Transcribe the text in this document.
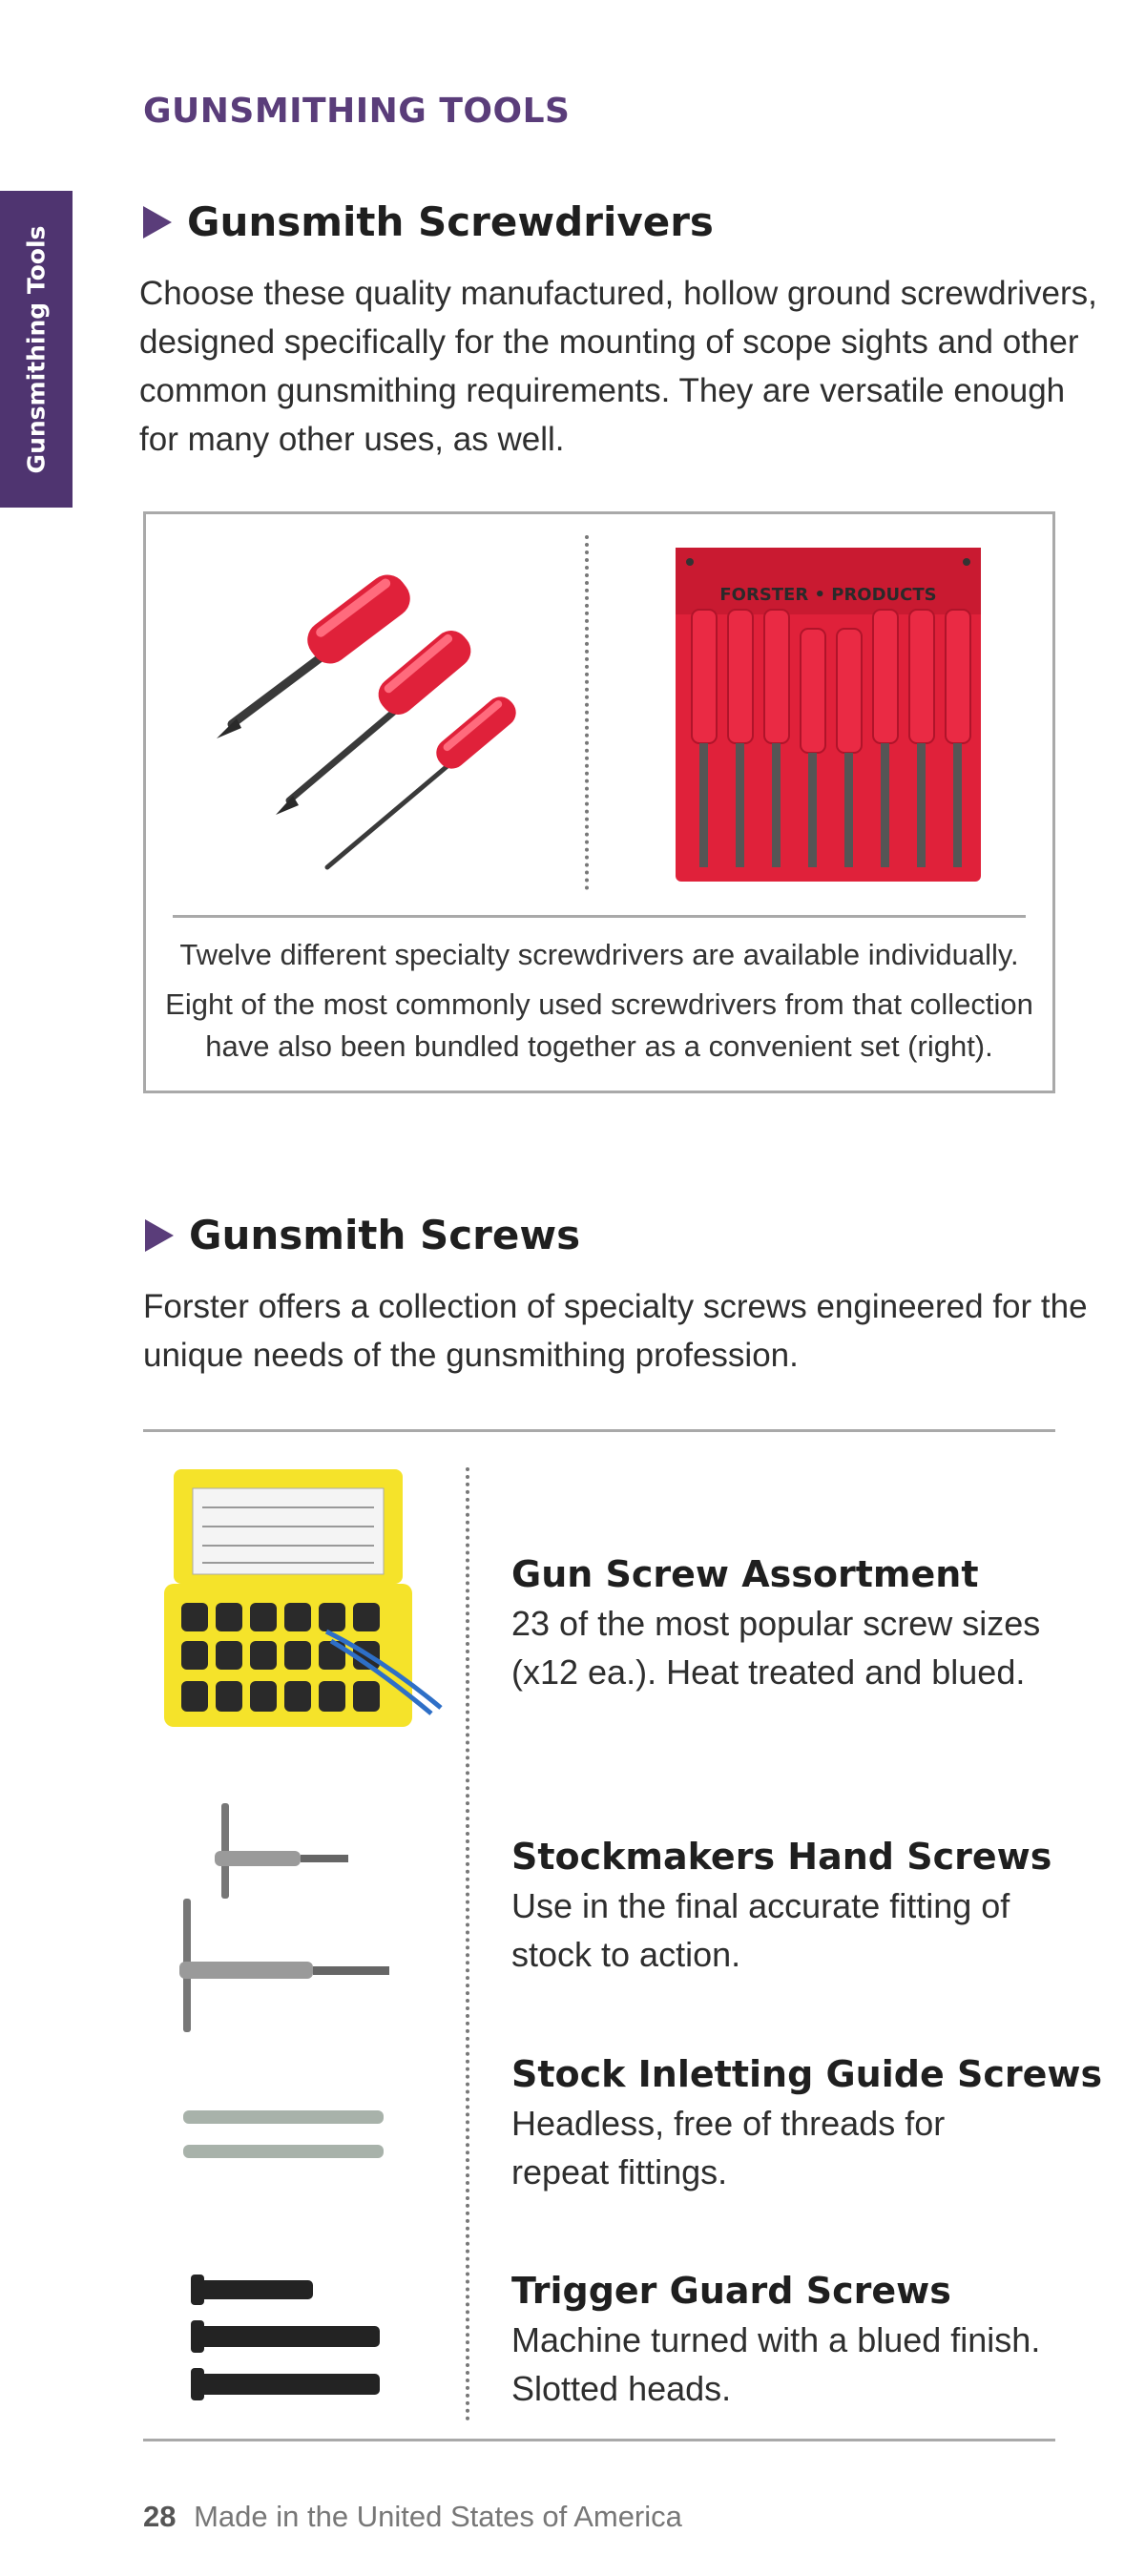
GUNSMITHING TOOLS
Gunsmithing Tools
Gunsmith Screwdrivers
Choose these quality manufactured, hollow ground screwdrivers,
designed specifically for the mounting of scope sights and other
common gunsmithing requirements. They are versatile enough
for many other uses, as well.
FORSTER • PRODUCTS
Twelve different specialty screwdrivers are available individually.
Eight of the most commonly used screwdrivers from that collection
have also been bundled together as a convenient set (right).
Gunsmith Screws
Forster offers a collection of specialty screws engineered for the
unique needs of the gunsmithing profession.
Gun Screw Assortment
23 of the most popular screw sizes
(x12 ea.). Heat treated and blued.
Stockmakers Hand Screws
Use in the final accurate fitting of
stock to action.
Stock Inletting Guide Screws
Headless, free of threads for
repeat fittings.
Trigger Guard Screws
Machine turned with a blued finish.
Slotted heads.
28 Made in the United States of America
